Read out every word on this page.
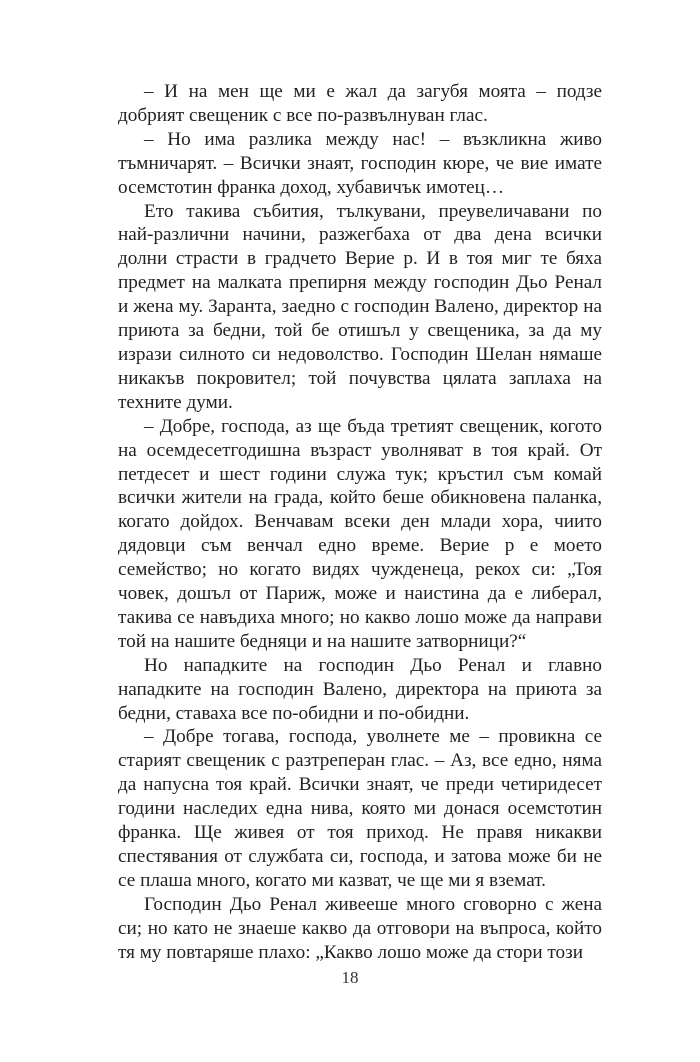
– И на мен ще ми е жал да загубя моята – подзе добрият свещеник с все по-развълнуван глас.

– Но има разлика между нас! – възкликна живо тъмничарят. – Всички знаят, господин кюре, че вие имате осемстотин франка доход, хубавичък имотец…

Ето такива събития, тълкувани, преувеличавани по най-различни начини, разжегбаха от два дена всички долни страсти в градчето Верие р. И в тоя миг те бяха предмет на малката препирня между господин Дьо Ренал и жена му. Заранта, заедно с господин Валено, директор на приюта за бедни, той бе отишъл у свещеника, за да му изрази силното си недоволство. Господин Шелан нямаше никакъв покровител; той почувства цялата заплаха на техните думи.

– Добре, господа, аз ще бъда третият свещеник, когото на осемдесетгодишна възраст уволняват в тоя край. От петдесет и шест години служа тук; кръстил съм комай всички жители на града, който беше обикновена паланка, когато дойдох. Венчавам всеки ден млади хора, чиито дядовци съм венчал едно време. Верие р е моето семейство; но когато видях чужденеца, рекох си: „Тоя човек, дошъл от Париж, може и наистина да е либерал, такива се навъдиха много; но какво лошо може да направи той на нашите бедняци и на нашите затворници?“

Но нападките на господин Дьо Ренал и главно нападките на господин Валено, директора на приюта за бедни, ставаха все по-обидни и по-обидни.

– Добре тогава, господа, уволнете ме – провикна се старият свещеник с разтреперан глас. – Аз, все едно, няма да напусна тоя край. Всички знаят, че преди четиридесет години наследих една нива, която ми донася осемстотин франка. Ще живея от тоя приход. Не правя никакви спестявания от службата си, господа, и затова може би не се плаша много, когато ми казват, че ще ми я вземат.

Господин Дьо Ренал живееше много сговорно с жена си; но като не знаеше какво да отговори на въпроса, който тя му повтаряше плахо: „Какво лошо може да стори този

18
